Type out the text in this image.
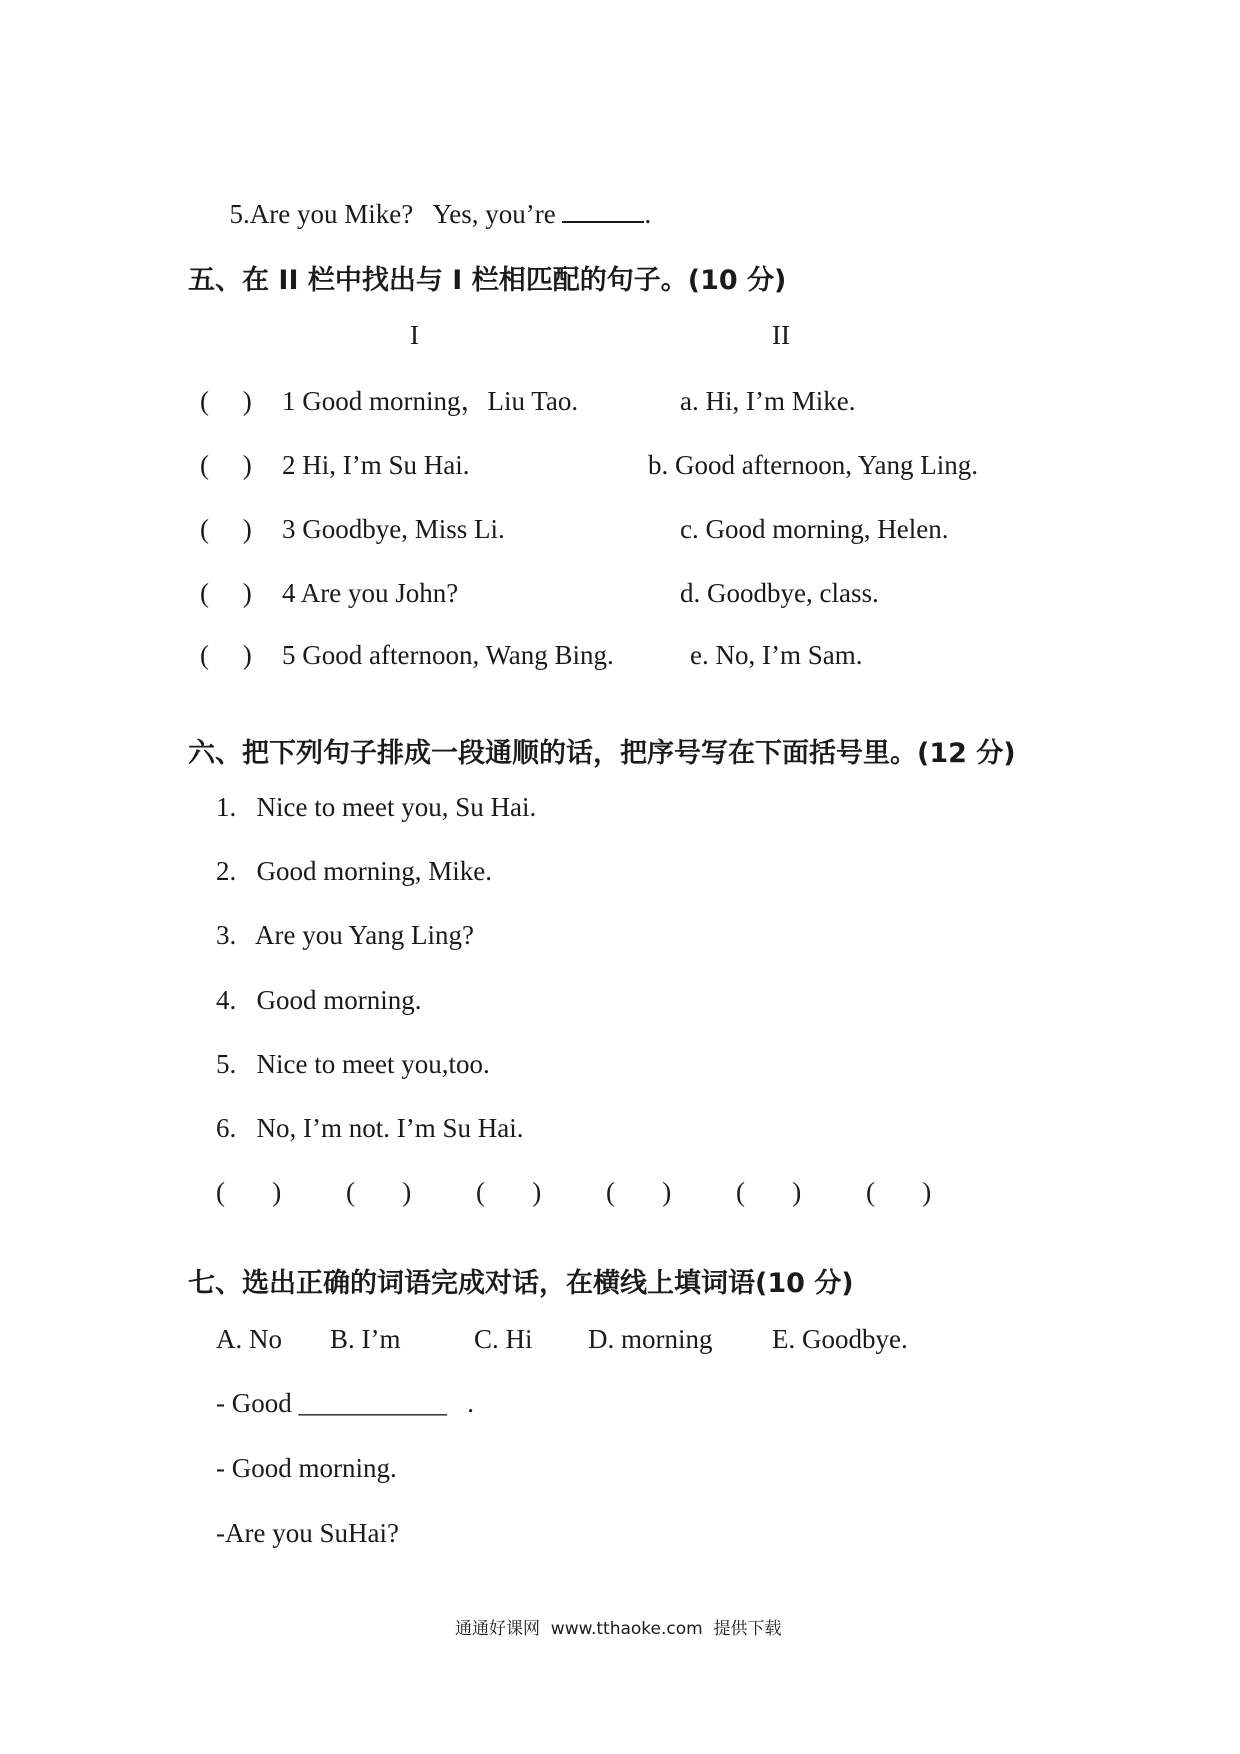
5.Are you Mike?   Yes, you’re	.

五、在 II 栏中找出与 I 栏相匹配的句子。(10 分)
I	II
(     ) 1 Good morning，Liu Tao.	a. Hi, I’m Mike.
(     ) 2 Hi, I’m Su Hai.	b. Good afternoon, Yang Ling.
(     ) 3 Goodbye, Miss Li.	c. Good morning, Helen.
(     ) 4 Are you John?	d. Goodbye, class.
(     ) 5 Good afternoon, Wang Bing.	e. No, I’m Sam.
六、把下列句子排成一段通顺的话，把序号写在下面括号里。(12 分)
1.   Nice to meet you, Su Hai.
2.   Good morning, Mike.
3.   Are you Yang Ling?
4.   Good morning.
5.   Nice to meet you,too.
6.   No, I’m not. I’m Su Hai.
(       ) (       ) (       ) (       ) (       ) (       )
七、选出正确的词语完成对话，在横线上填词语(10 分)
A. No B. I’m	C. Hi D. morning E. Goodbye.
- Good ___________   .
- Good morning.
-Are you SuHai?
通通好课网  www.tthaoke.com  提供下载
